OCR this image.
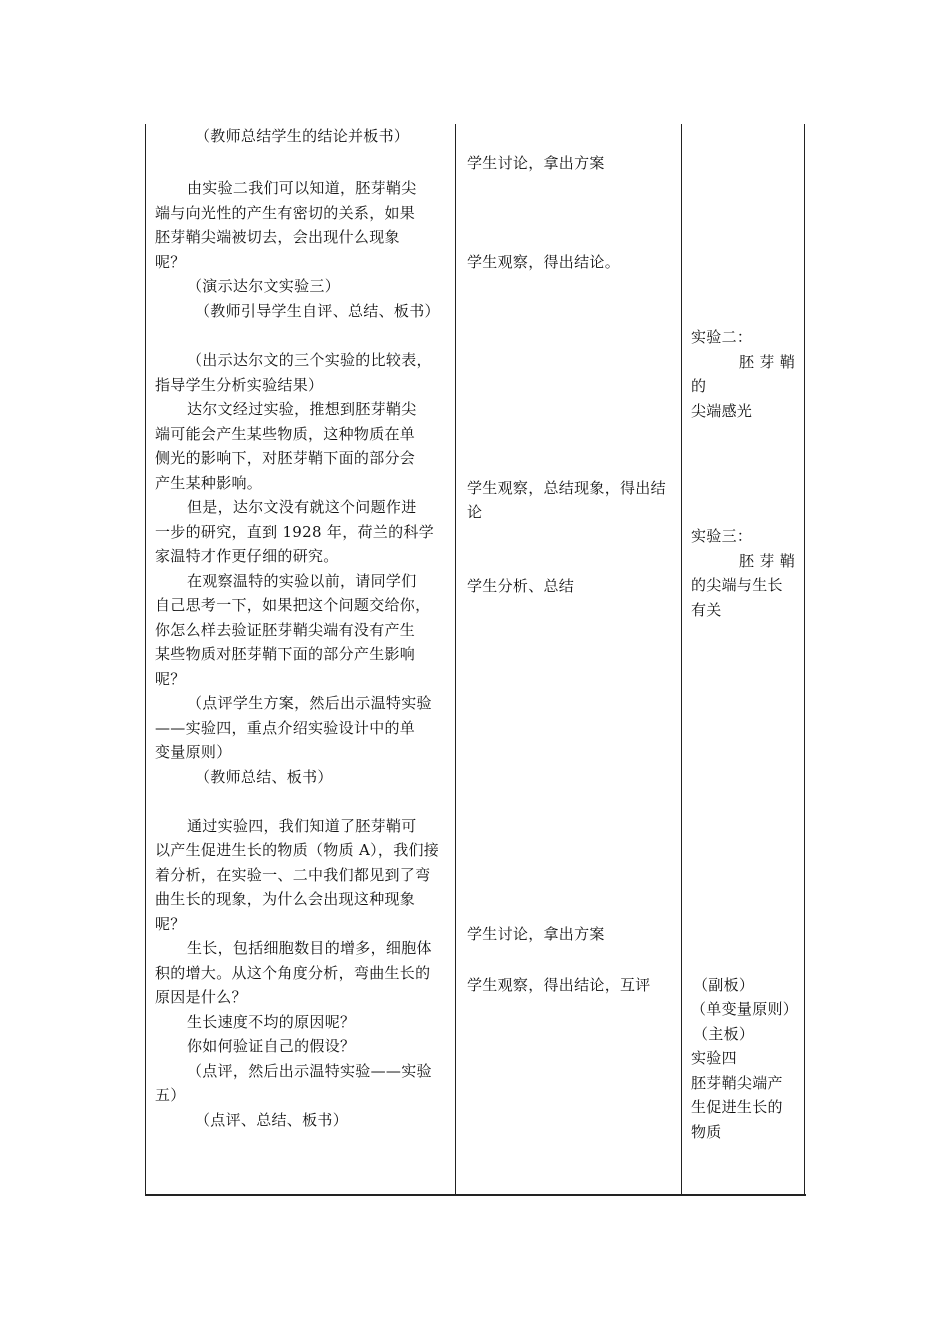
（教师总结学生的结论并板书）
由实验二我们可以知道，胚芽鞘尖
端与向光性的产生有密切的关系，如果
胚芽鞘尖端被切去，会出现什么现象
呢？
（演示达尔文实验三）
（教师引导学生自评、总结、板书）
（出示达尔文的三个实验的比较表，
指导学生分析实验结果）
达尔文经过实验，推想到胚芽鞘尖
端可能会产生某些物质，这种物质在单
侧光的影响下，对胚芽鞘下面的部分会
产生某种影响。
但是，达尔文没有就这个问题作进
一步的研究，直到 1928 年，荷兰的科学
家温特才作更仔细的研究。
在观察温特的实验以前，请同学们
自己思考一下，如果把这个问题交给你，
你怎么样去验证胚芽鞘尖端有没有产生
某些物质对胚芽鞘下面的部分产生影响
呢？
（点评学生方案，然后出示温特实验
——实验四，重点介绍实验设计中的单
变量原则）
（教师总结、板书）
通过实验四，我们知道了胚芽鞘可
以产生促进生长的物质（物质 A），我们接
着分析，在实验一、二中我们都见到了弯
曲生长的现象，为什么会出现这种现象
呢？
生长，包括细胞数目的增多，细胞体
积的增大。从这个角度分析，弯曲生长的
原因是什么？
生长速度不均的原因呢？
你如何验证自己的假设？
（点评，然后出示温特实验——实验
五）
（点评、总结、板书）
学生讨论，拿出方案
学生观察，得出结论。
学生观察，总结现象，得出结
论
学生分析、总结
学生讨论，拿出方案
学生观察，得出结论，互评
实验二：
胚 芽 鞘
的
尖端感光
实验三：
胚 芽 鞘
的尖端与生长
有关
（副板）
（单变量原则）
（主板）
实验四
胚芽鞘尖端产
生促进生长的
物质
